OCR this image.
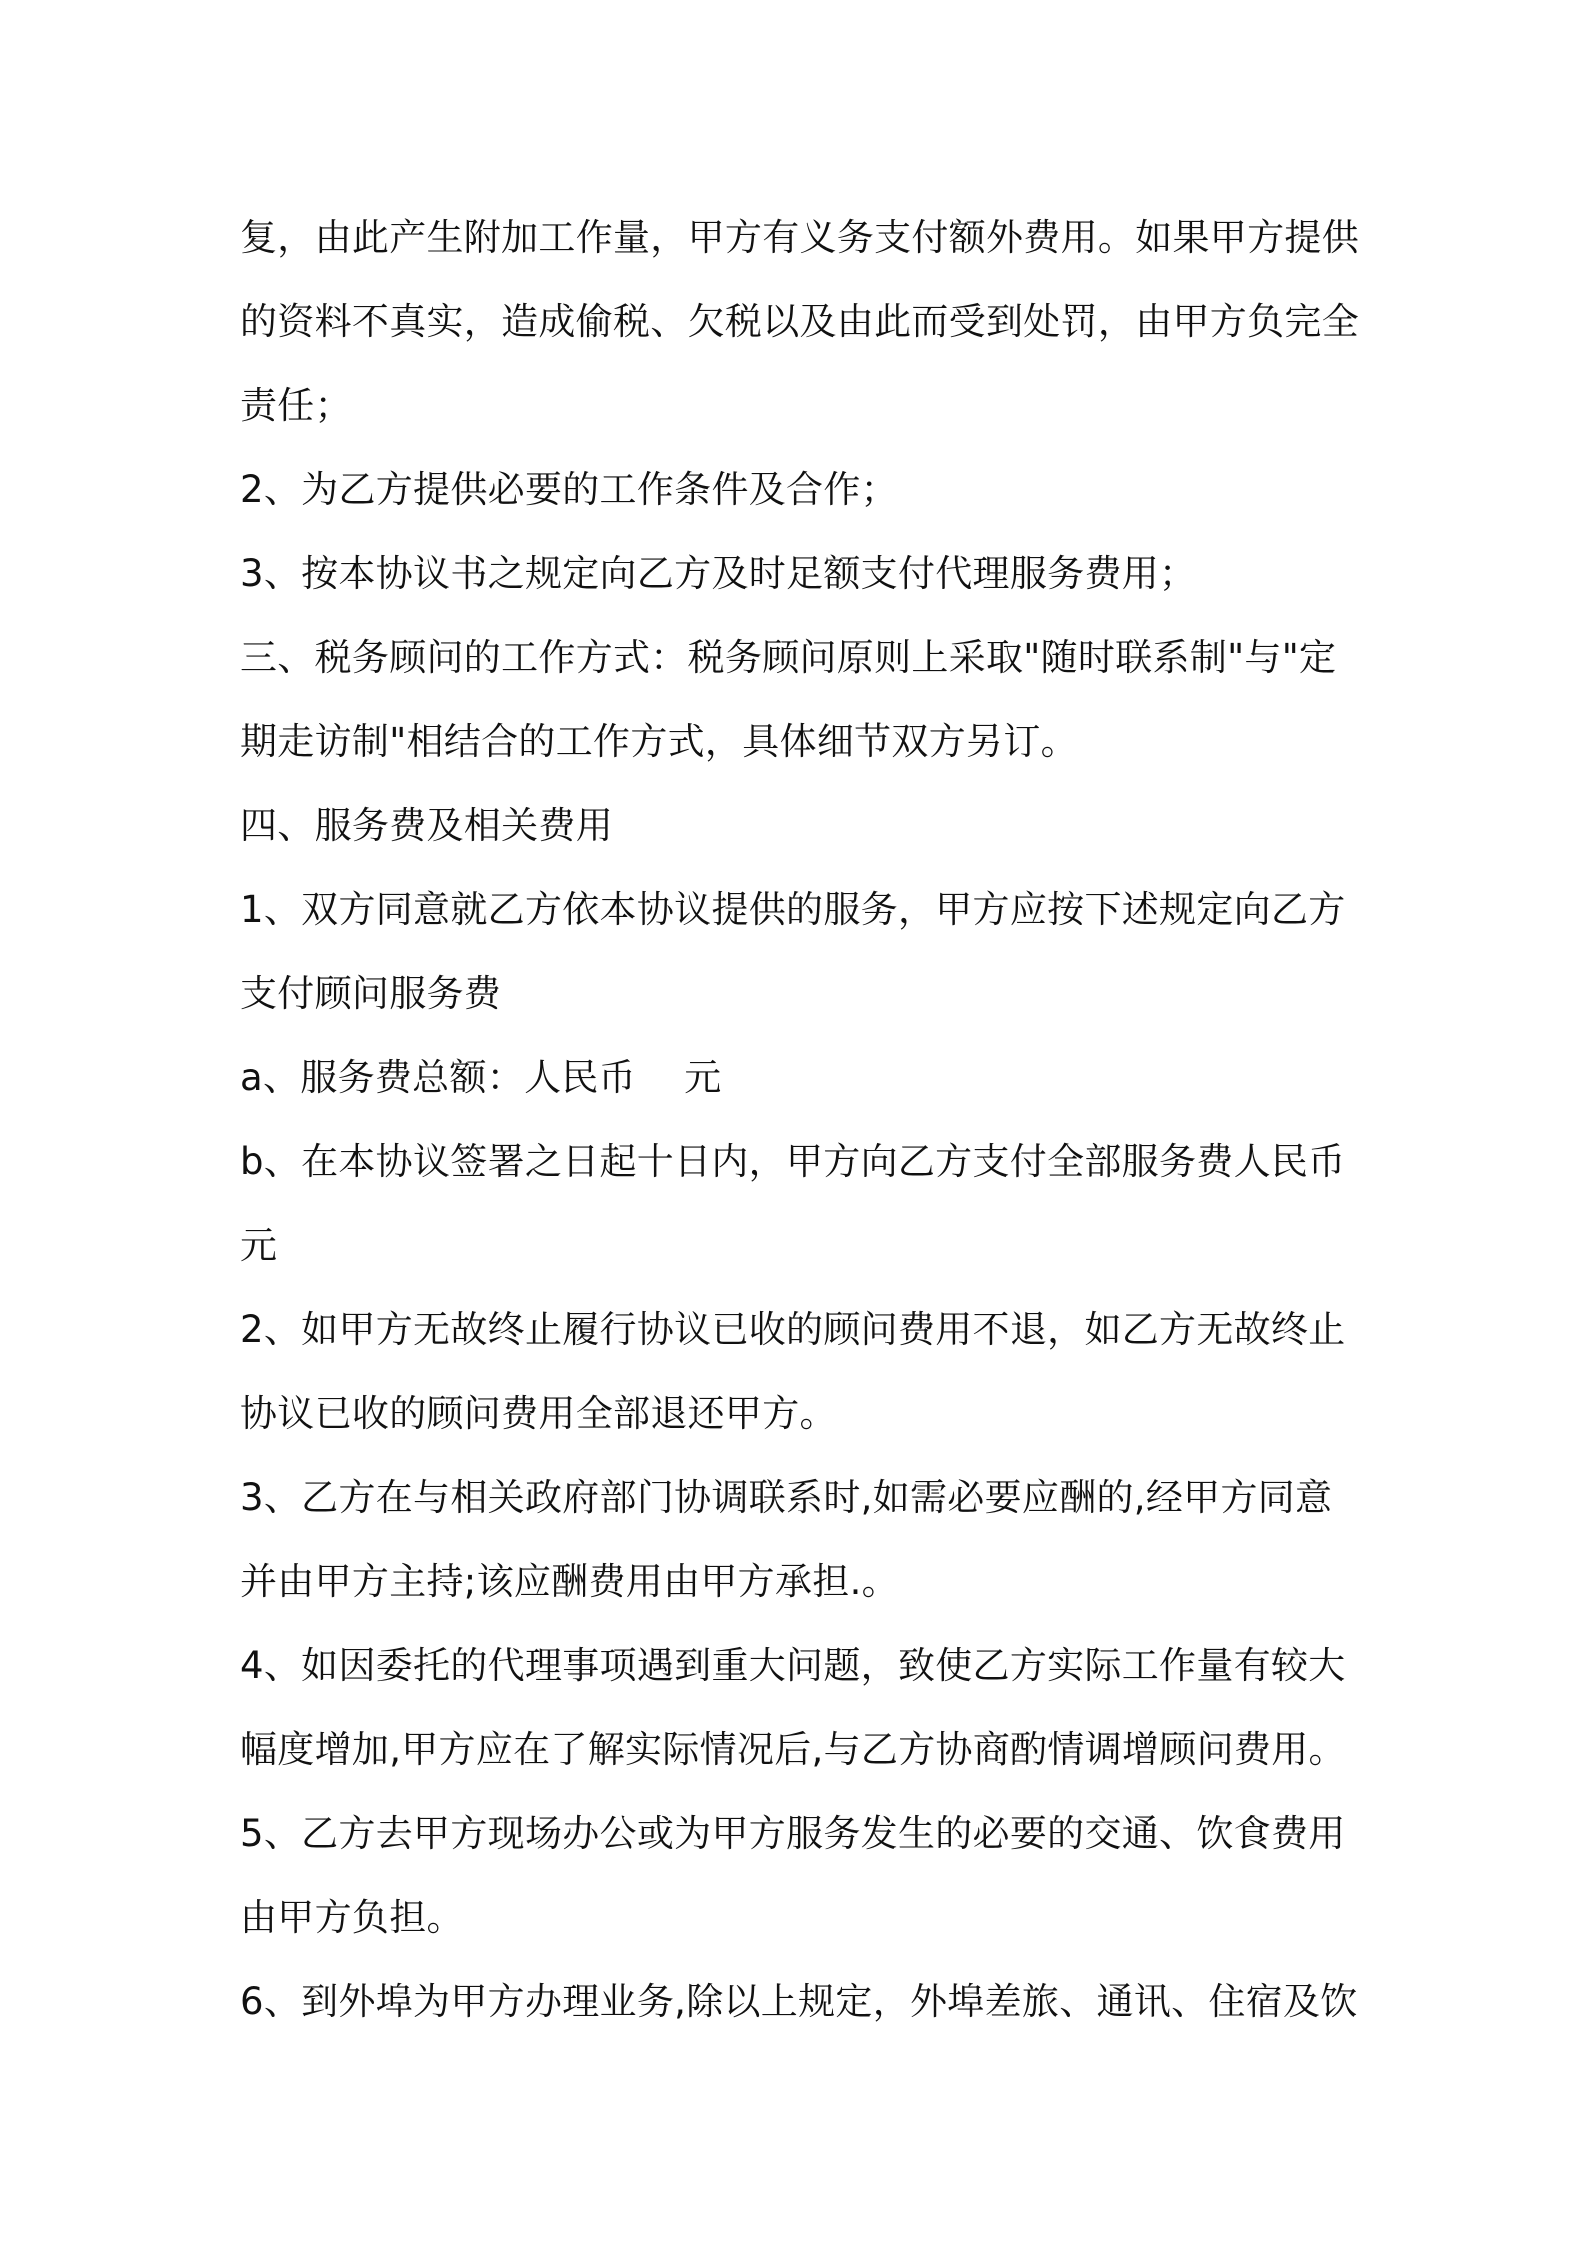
复，由此产生附加工作量，甲方有义务支付额外费用。如果甲方提供
的资料不真实，造成偷税、欠税以及由此而受到处罚，由甲方负完全
责任；
2、为乙方提供必要的工作条件及合作；
3、按本协议书之规定向乙方及时足额支付代理服务费用；
三、税务顾问的工作方式：税务顾问原则上采取"随时联系制"与"定
期走访制"相结合的工作方式，具体细节双方另订。
四、服务费及相关费用
1、双方同意就乙方依本协议提供的服务，甲方应按下述规定向乙方
支付顾问服务费
a、服务费总额：人民币    元
b、在本协议签署之日起十日内，甲方向乙方支付全部服务费人民币
元
2、如甲方无故终止履行协议已收的顾问费用不退，如乙方无故终止
协议已收的顾问费用全部退还甲方。
3、乙方在与相关政府部门协调联系时,如需必要应酬的,经甲方同意
并由甲方主持;该应酬费用由甲方承担.。
4、如因委托的代理事项遇到重大问题，致使乙方实际工作量有较大
幅度增加,甲方应在了解实际情况后,与乙方协商酌情调增顾问费用。
5、乙方去甲方现场办公或为甲方服务发生的必要的交通、饮食费用
由甲方负担。
6、到外埠为甲方办理业务,除以上规定，外埠差旅、通讯、住宿及饮
